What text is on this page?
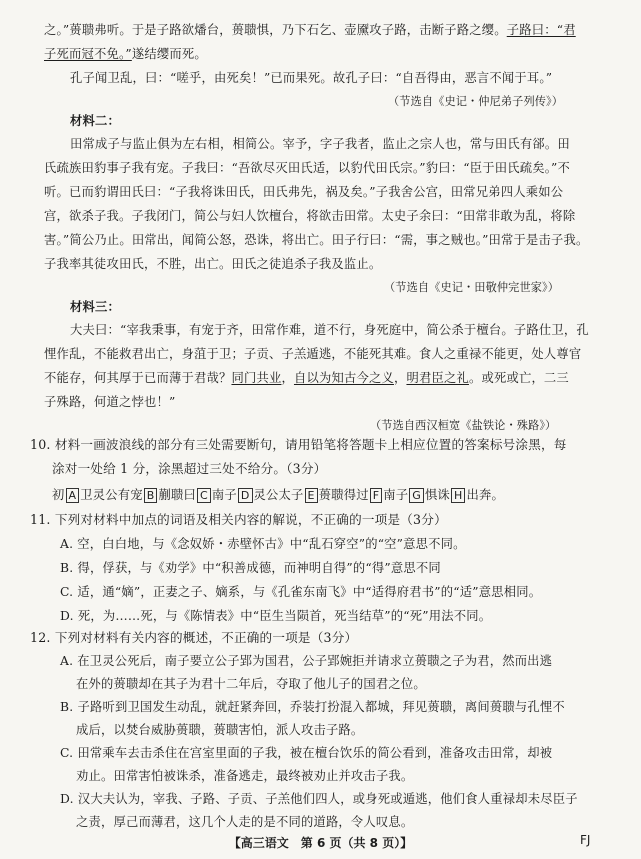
之。”蒉聩弗听。于是子路欲燔台，蒉聩惧，乃下石乞、壶黡攻子路，击断子路之缨。子路曰：“君
子死而冠不免。”遂结缨而死。
孔子闻卫乱，曰：“嗟乎，由死矣！”已而果死。故孔子曰：“自吾得由，恶言不闻于耳。”
（节选自《史记・仲尼弟子列传》）
材料二：
田常成子与监止俱为左右相，相简公。宰予，字子我者，监止之宗人也，常与田氏有郤。田
氏疏族田豹事子我有宠。子我曰：“吾欲尽灭田氏适，以豹代田氏宗。”豹曰：“臣于田氏疏矣。”不
听。已而豹谓田氏曰：“子我将诛田氏，田氏弗先，祸及矣。”子我舍公宫，田常兄弟四人乘如公
宫，欲杀子我。子我闭门，简公与妇人饮檀台，将欲击田常。太史子余曰：“田常非敢为乱，将除
害。”简公乃止。田常出，闻简公怒，恐诛，将出亡。田子行曰：“需，事之贼也。”田常于是击子我。
子我率其徒攻田氏，不胜，出亡。田氏之徒追杀子我及监止。
（节选自《史记・田敬仲完世家》）
材料三：
大夫曰：“宰我秉事，有宠于齐，田常作难，道不行，身死庭中，简公杀于檀台。子路仕卫，孔
悝作乱，不能救君出亡，身菹于卫；子贡、子羔遁逃，不能死其难。食人之重禄不能更，处人尊官
不能存，何其厚于已而薄于君哉？同门共业，自以为知古今之义，明君臣之礼。或死或亡，二三
子殊路，何道之悖也！”
（节选自西汉桓宽《盐铁论・殊路》）
10. 材料一画波浪线的部分有三处需要断句，请用铅笔将答题卡上相应位置的答案标号涂黑，每
涂对一处给 1 分，涂黑超过三处不给分。（3分）
初 A 卫灵公有宠 B 蒯聩曰 C 南子 D 灵公太子 E 蒉聩得过 F 南子 G 惧诛 H 出奔。
11. 下列对材料中加点的词语及相关内容的解说，不正确的一项是（3分）
A. 空，白白地，与《念奴娇・赤壁怀古》中“乱石穿空”的“空”意思不同。
B. 得，俘获，与《劝学》中“积善成德，而神明自得”的“得”意思不同
C. 适，通“嫡”，正妻之子、嫡系，与《孔雀东南飞》中“适得府君书”的“适”意思相同。
D. 死，为……死，与《陈情表》中“臣生当陨首，死当结草”的“死”用法不同。
12. 下列对材料有关内容的概述，不正确的一项是（3分）
A. 在卫灵公死后，南子要立公子郢为国君，公子郢婉拒并请求立蒉聩之子为君，然而出逃
在外的蒉聩却在其子为君十二年后，夺取了他儿子的国君之位。
B. 子路听到卫国发生动乱，就赶紧奔回，乔装打扮混入都城，拜见蒉聩，离间蒉聩与孔悝不
成后，以焚台威胁蒉聩，蒉聩害怕，派人攻击子路。
C. 田常乘车去击杀住在宫室里面的子我，被在檀台饮乐的简公看到，准备攻击田常，却被
劝止。田常害怕被诛杀，准备逃走，最终被劝止并攻击子我。
D. 汉大夫认为，宰我、子路、子贡、子羔他们四人，或身死或遁逃，他们食人重禄却未尽臣子
【高三语文　第 6 页（共 8 页）】	FJ
之责，厚己而薄君，这几个人走的是不同的道路，令人叹息。
